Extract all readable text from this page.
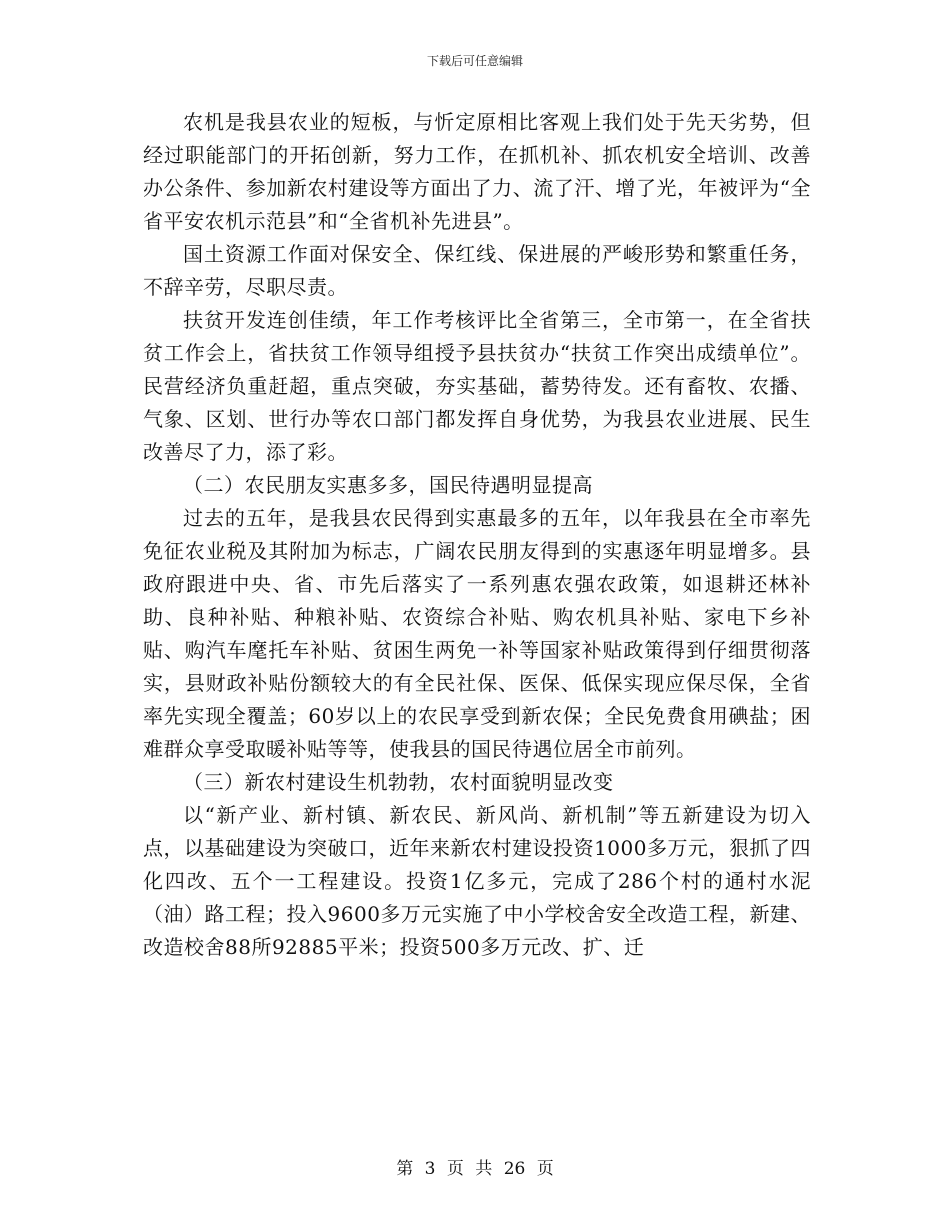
下载后可任意编辑

农机是我县农业的短板，与忻定原相比客观上我们处于先天劣势，但经过职能部门的开拓创新，努力工作，在抓机补、抓农机安全培训、改善办公条件、参加新农村建设等方面出了力、流了汗、增了光，年被评为“全省平安农机示范县”和“全省机补先进县”。

国土资源工作面对保安全、保红线、保进展的严峻形势和繁重任务，不辞辛劳，尽职尽责。

扶贫开发连创佳绩，年工作考核评比全省第三，全市第一，在全省扶贫工作会上，省扶贫工作领导组授予县扶贫办“扶贫工作突出成绩单位”。民营经济负重赶超，重点突破，夯实基础，蓄势待发。还有畜牧、农播、气象、区划、世行办等农口部门都发挥自身优势，为我县农业进展、民生改善尽了力，添了彩。

（二）农民朋友实惠多多，国民待遇明显提高

过去的五年，是我县农民得到实惠最多的五年，以年我县在全市率先免征农业税及其附加为标志，广阔农民朋友得到的实惠逐年明显增多。县政府跟进中央、省、市先后落实了一系列惠农强农政策，如退耕还林补助、良种补贴、种粮补贴、农资综合补贴、购农机具补贴、家电下乡补贴、购汽车麾托车补贴、贫困生两免一补等国家补贴政策得到仔细贯彻落实，县财政补贴份额较大的有全民社保、医保、低保实现应保尽保，全省率先实现全覆盖；60岁以上的农民享受到新农保；全民免费食用碘盐；困难群众享受取暖补贴等等，使我县的国民待遇位居全市前列。

（三）新农村建设生机勃勃，农村面貌明显改变

以“新产业、新村镇、新农民、新风尚、新机制”等五新建设为切入点，以基础建设为突破口，近年来新农村建设投资1000多万元，狠抓了四化四改、五个一工程建设。投资1亿多元，完成了286个村的通村水泥（油）路工程；投入9600多万元实施了中小学校舍安全改造工程，新建、改造校舍88所92885平米；投资500多万元改、扩、迁

第 3 页 共 26 页
